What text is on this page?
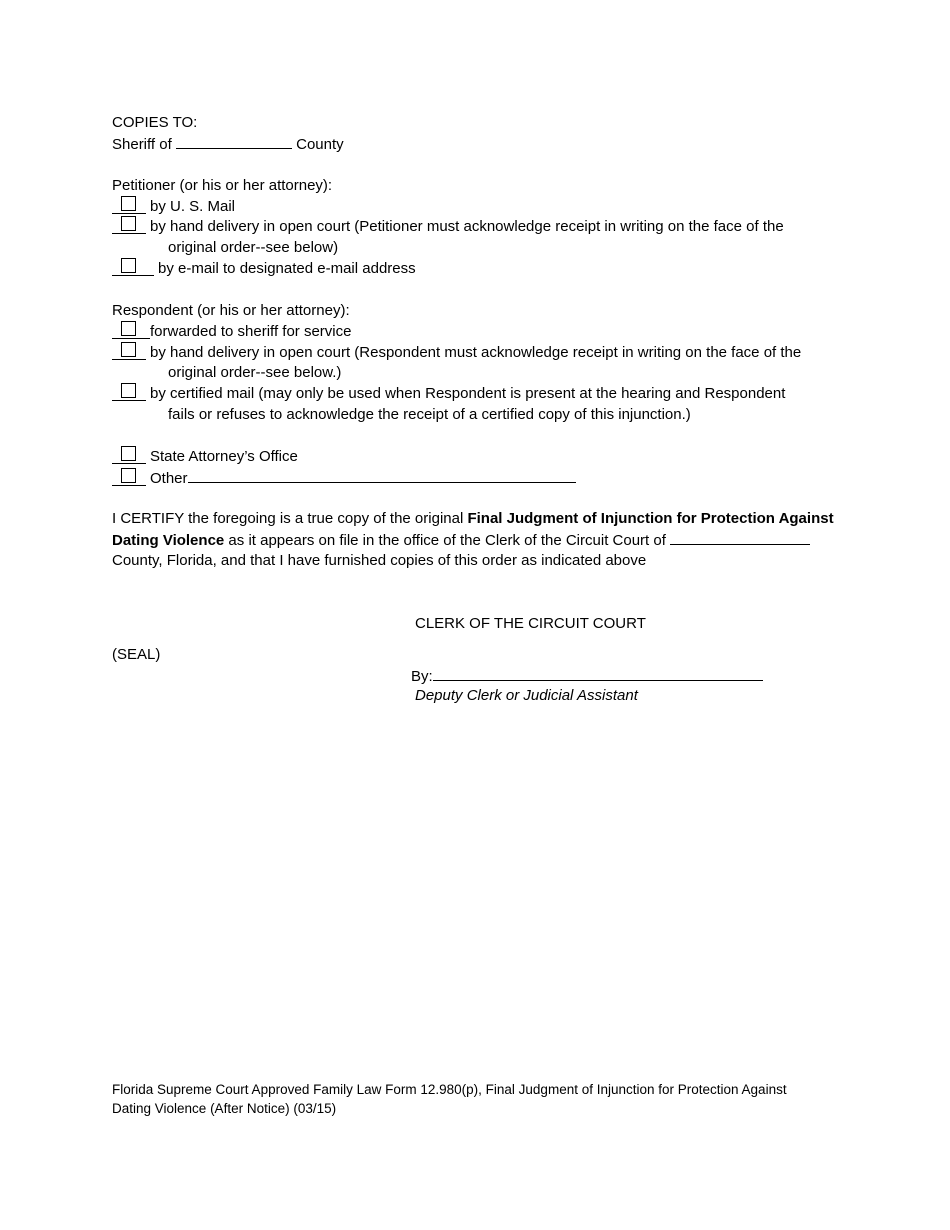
COPIES TO:
Sheriff of	County
Petitioner (or his or her attorney):
by U. S. Mail
by hand delivery in open court (Petitioner must acknowledge receipt in writing on the face of the
original order--see below)
by e-mail to designated e-mail address
Respondent (or his or her attorney):
forwarded to sheriff for service
by hand delivery in open court (Respondent must acknowledge receipt in writing on the face of the
original order--see below.)
by certified mail (may only be used when Respondent is present at the hearing and Respondent
fails or refuses to acknowledge the receipt of a certified copy of this injunction.)
State Attorney’s Office
Other
I CERTIFY the foregoing is a true copy of the original Final Judgment of Injunction for Protection Against
Dating Violence as it appears on file in the office of the Clerk of the Circuit Court of
County, Florida, and that I have furnished copies of this order as indicated above
CLERK OF THE CIRCUIT COURT
(SEAL)
By:
Deputy Clerk or Judicial Assistant
Florida Supreme Court Approved Family Law Form 12.980(p), Final Judgment of Injunction for Protection Against
Dating Violence (After Notice) (03/15)
